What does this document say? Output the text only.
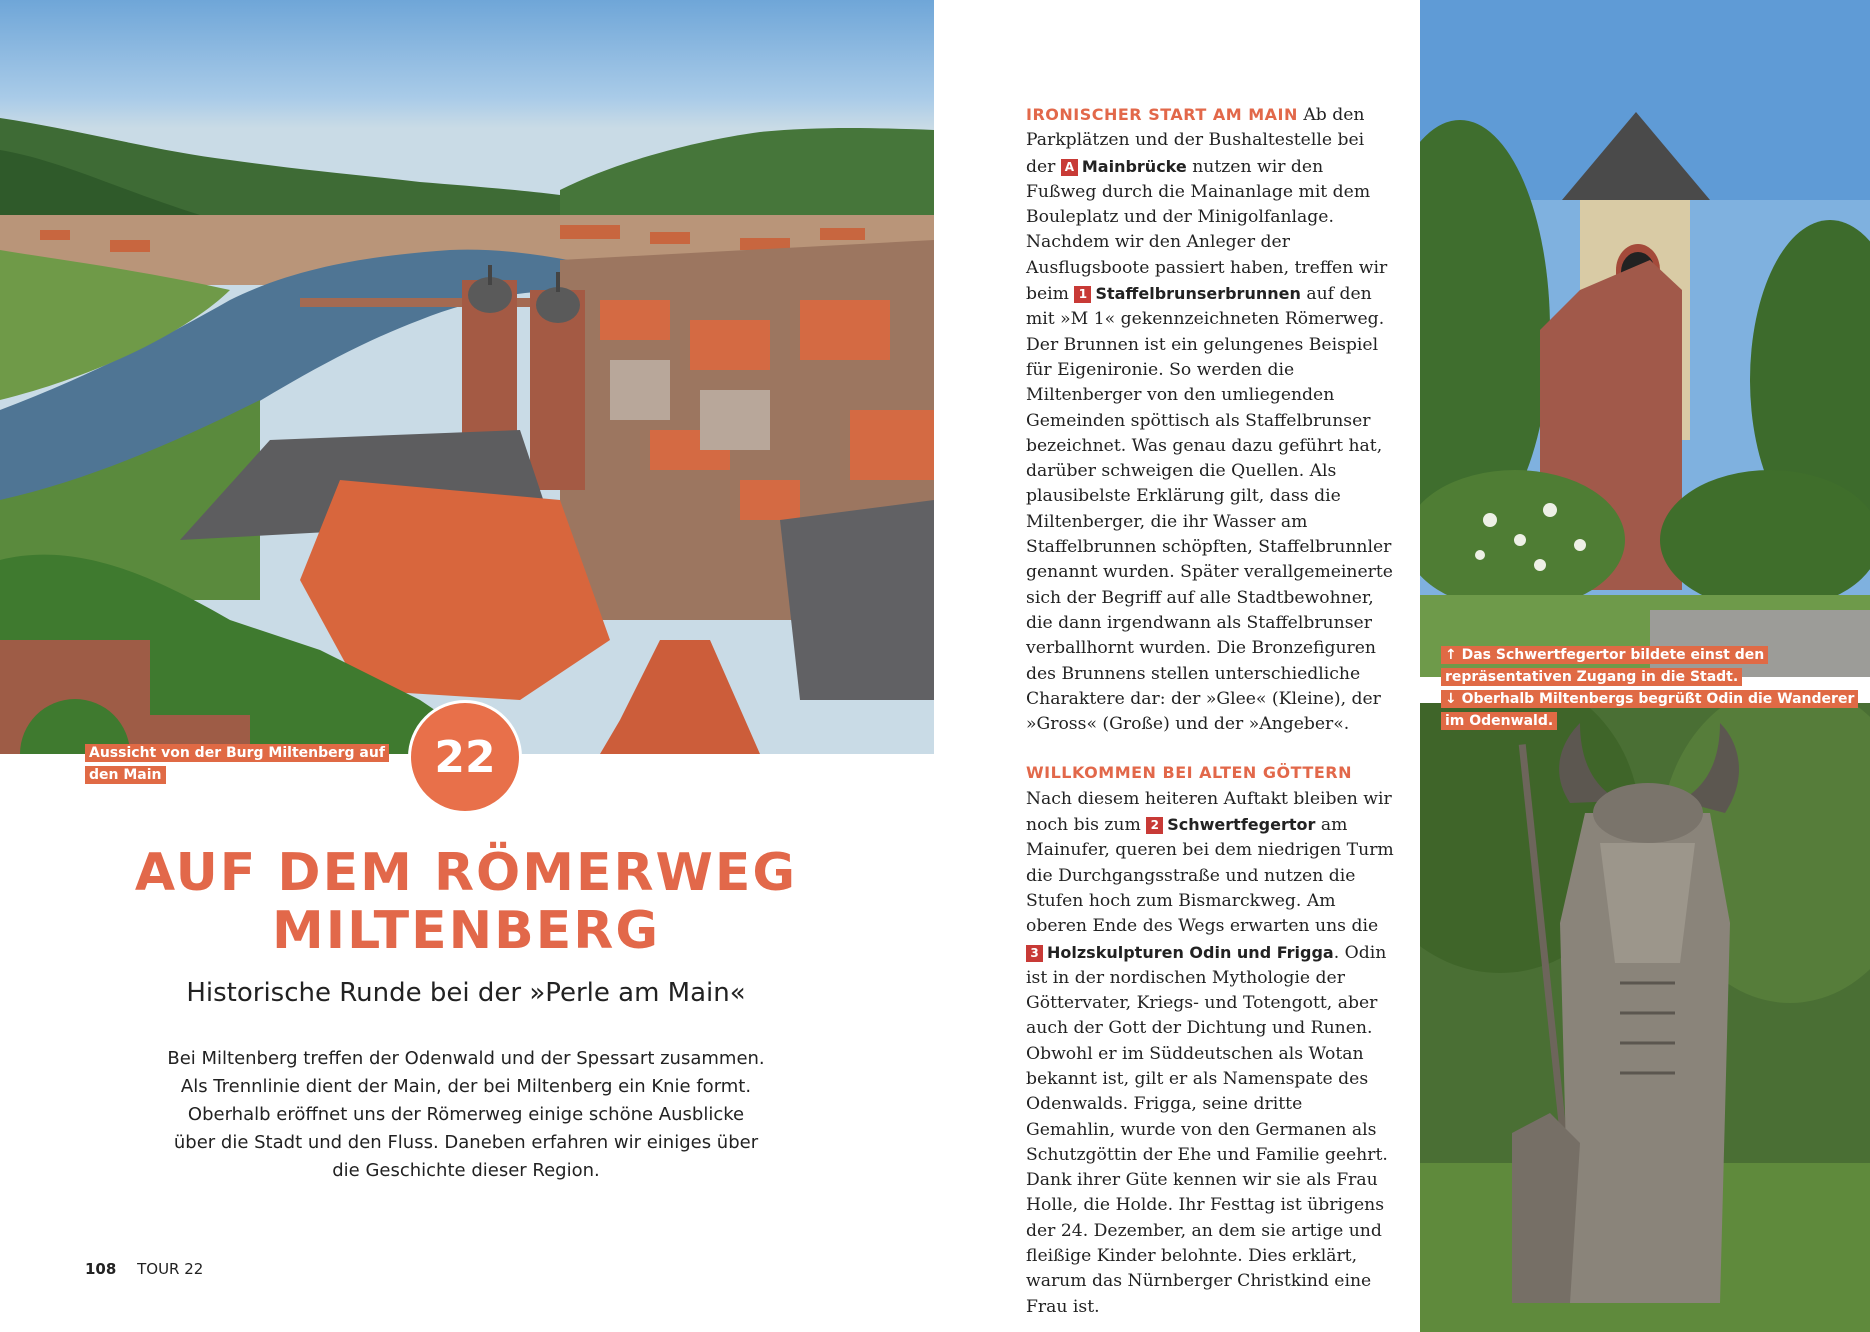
Aussicht von der Burg Miltenberg auf den Main	22
AUF DEM RÖMERWEG
MILTENBERG

Historische Runde bei der »Perle am Main«

Bei Miltenberg treffen der Odenwald und der Spessart zusammen. Als Trennlinie dient der Main, der bei Miltenberg ein Knie formt. Oberhalb eröffnet uns der Römerweg einige schöne Ausblicke über die Stadt und den Fluss. Daneben erfahren wir einiges über die Geschichte dieser Region.

108 TOUR 22

IRONISCHER START AM MAIN Ab den Parkplätzen und der Bushaltestelle bei der A Mainbrücke nutzen wir den Fußweg durch die Mainanlage mit dem Bouleplatz und der Minigolfanlage. Nachdem wir den Anleger der Ausflugsboote passiert haben, treffen wir beim 1 Staffelbrunserbrunnen auf den mit »M 1« gekennzeichneten Römerweg. Der Brunnen ist ein gelungenes Beispiel für Eigenironie. So werden die Miltenberger von den umliegenden Gemeinden spöttisch als Staffelbrunser bezeichnet. Was genau dazu geführt hat, darüber schweigen die Quellen. Als plausibelste Erklärung gilt, dass die Miltenberger, die ihr Wasser am Staffelbrunnen schöpften, Staffelbrunnler genannt wurden. Später verallgemeinerte sich der Begriff auf alle Stadtbewohner, die dann irgendwann als Staffelbrunser verballhornt wurden. Die Bronzefiguren des Brunnens stellen unterschiedliche Charaktere dar: der »Glee« (Kleine), der »Gross« (Große) und der »Angeber«.

WILLKOMMEN BEI ALTEN GÖTTERN Nach diesem heiteren Auftakt bleiben wir noch bis zum 2 Schwertfegertor am Mainufer, queren bei dem niedrigen Turm die Durchgangsstraße und nutzen die Stufen hoch zum Bismarckweg. Am oberen Ende des Wegs erwarten uns die 3 Holzskulpturen Odin und Frigga. Odin ist in der nordischen Mythologie der Göttervater, Kriegs- und Totengott, aber auch der Gott der Dichtung und Runen. Obwohl er im Süddeutschen als Wotan bekannt ist, gilt er als Namenspate des Odenwalds. Frigga, seine dritte Gemahlin, wurde von den Germanen als Schutzgöttin der Ehe und Familie geehrt. Dank ihrer Güte kennen wir sie als Frau Holle, die Holde. Ihr Festtag ist übrigens der 24. Dezember, an dem sie artige und fleißige Kinder belohnte. Dies erklärt, warum das Nürnberger Christkind eine Frau ist.

↑ Das Schwertfegertor bildete einst den repräsentativen Zugang in die Stadt.
↓ Oberhalb Miltenbergs begrüßt Odin die Wanderer im Odenwald.
